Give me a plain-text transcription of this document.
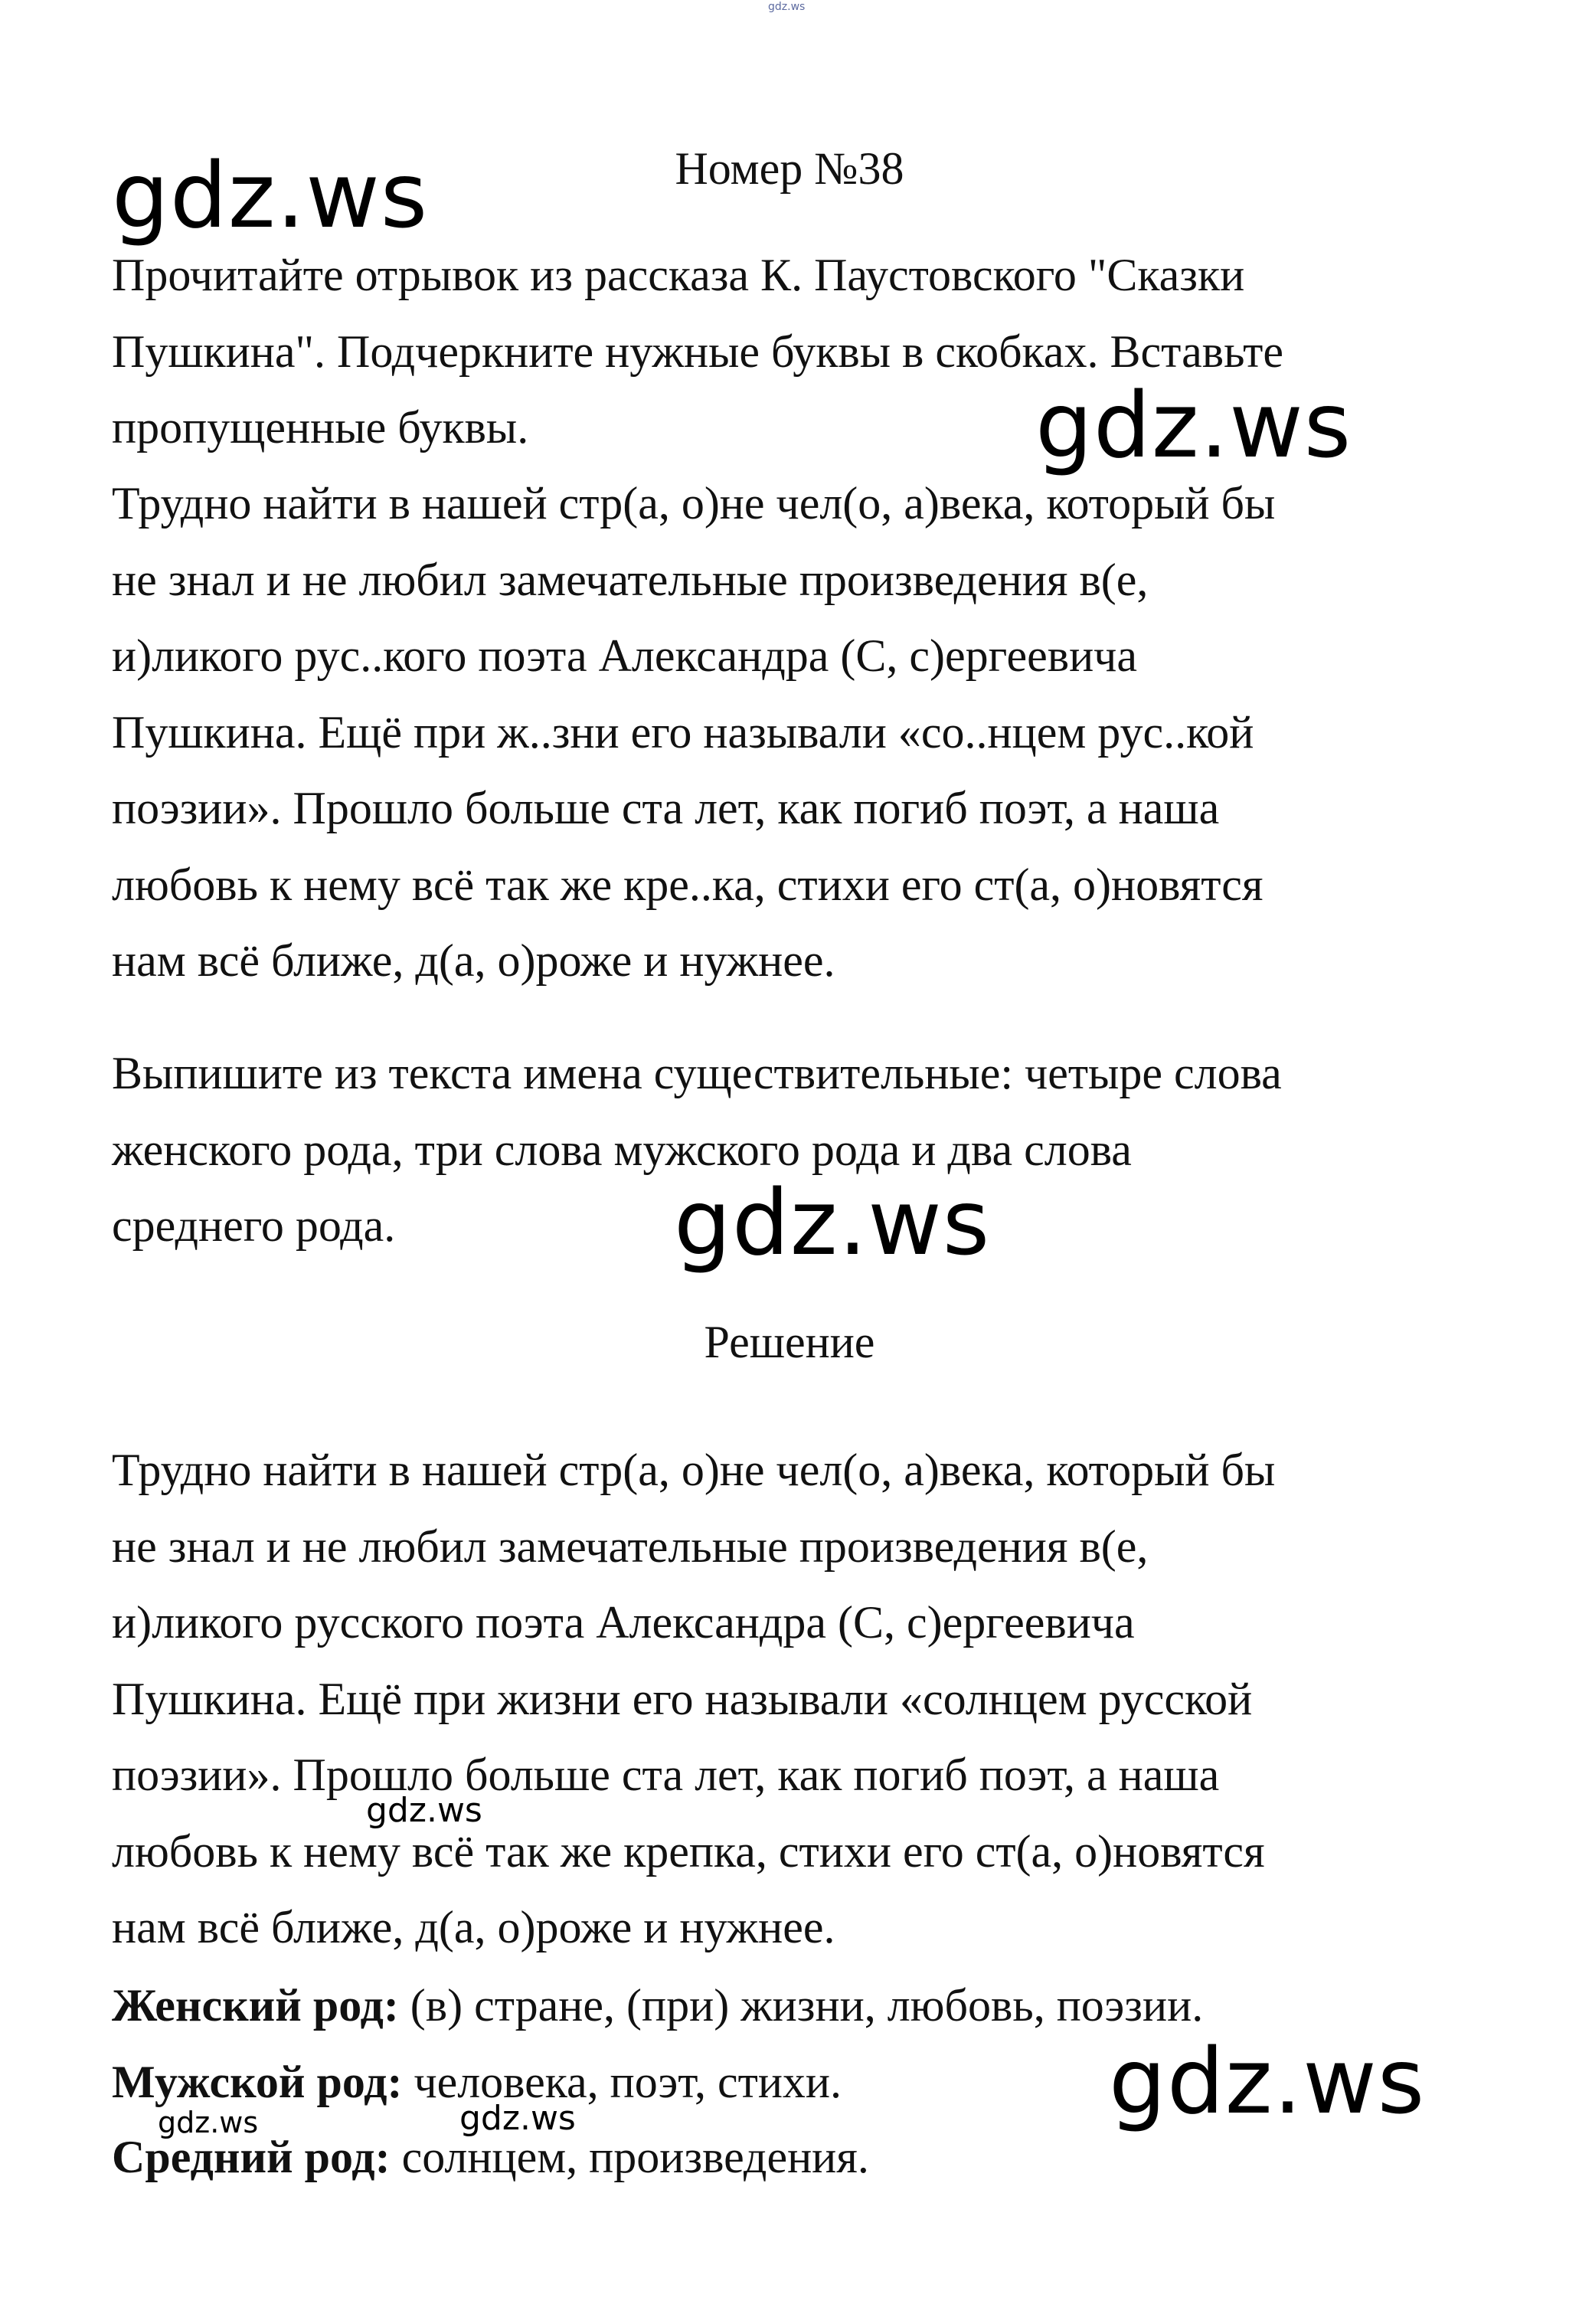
gdz.ws
gdz.ws
gdz.ws
gdz.ws
gdz.ws
gdz.ws
gdz.ws
gdz.ws
Номер №38
Прочитайте отрывок из рассказа К. Паустовского "Сказки
Пушкина". Подчеркните нужные буквы в скобках. Вставьте
пропущенные буквы.
Трудно найти в нашей стр(а, о)не чел(о, а)века, который бы
не знал и не любил замечательные произведения в(е,
и)ликого рус..кого поэта Александра (С, с)ергеевича
Пушкина. Ещё при ж..зни его называли «со..нцем рус..кой
поэзии». Прошло больше ста лет, как погиб поэт, а наша
любовь к нему всё так же кре..ка, стихи его ст(а, о)новятся
нам всё ближе, д(а, о)роже и нужнее.
Выпишите из текста имена существительные: четыре слова
женского рода, три слова мужского рода и два слова
среднего рода.
Решение
Трудно найти в нашей стр(а, о)не чел(о, а)века, который бы
не знал и не любил замечательные произведения в(е,
и)ликого русского поэта Александра (С, с)ергеевича
Пушкина. Ещё при жизни его называли «солнцем русской
поэзии». Прошло больше ста лет, как погиб поэт, а наша
любовь к нему всё так же крепка, стихи его ст(а, о)новятся
нам всё ближе, д(а, о)роже и нужнее.
Женский род: (в) стране, (при) жизни, любовь, поэзии.
Мужской род: человека, поэт, стихи.
Средний род: солнцем, произведения.
